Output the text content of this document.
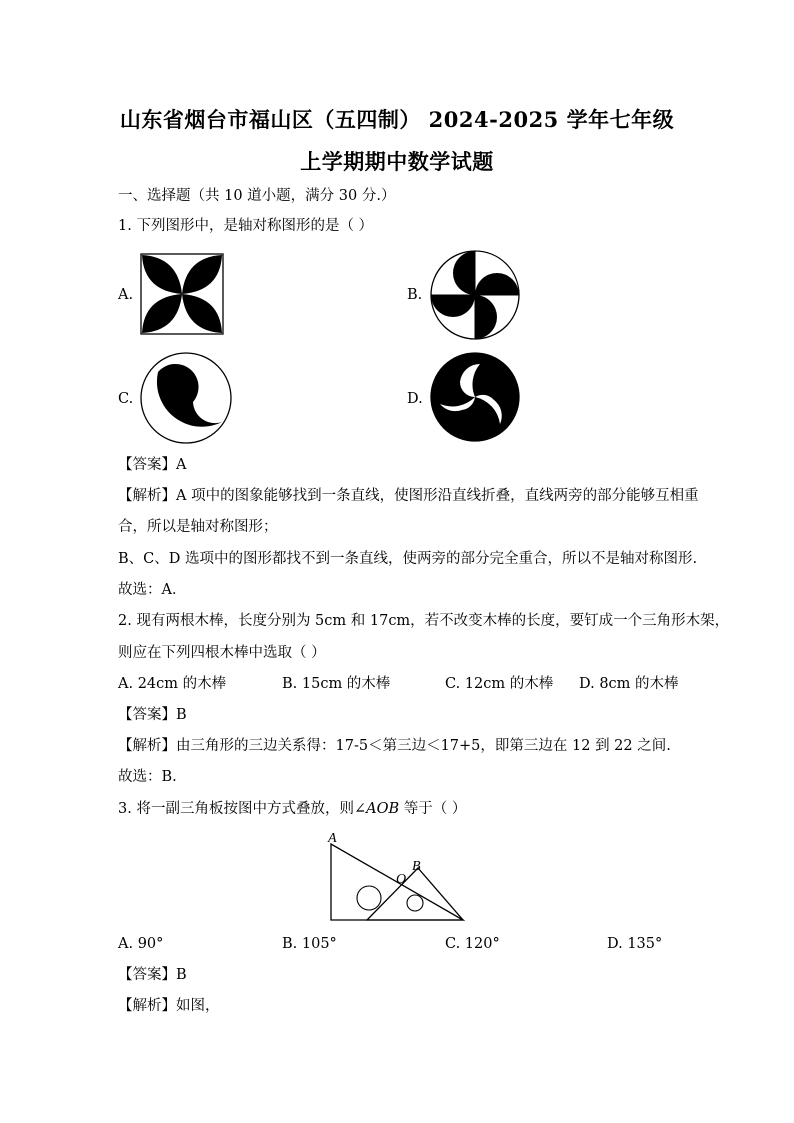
山东省烟台市福山区（五四制） 2024-2025 学年七年级
上学期期中数学试题
一、选择题（共 10 道小题，满分 30 分.）
1. 下列图形中，是轴对称图形的是（ ）
A.	B.
C.	D.
【答案】A
【解析】A 项中的图象能够找到一条直线，使图形沿直线折叠，直线两旁的部分能够互相重
合，所以是轴对称图形；
B、C、D 选项中的图形都找不到一条直线，使两旁的部分完全重合，所以不是轴对称图形.
故选：A．
2. 现有两根木棒，长度分别为 5cm 和 17cm，若不改变木棒的长度，要钉成一个三角形木架，
则应在下列四根木棒中选取（ ）
A. 24cm 的木棒	B. 15cm 的木棒	C. 12cm 的木棒 D. 8cm 的木棒
【答案】B
【解析】由三角形的三边关系得：17-5＜第三边＜17+5，即第三边在 12 到 22 之间.
故选：B.
3. 将一副三角板按图中方式叠放，则∠AOB 等于（ ）
A
O
B
A. 90°	B. 105°	C. 120°	D. 135°
【答案】B
【解析】如图，
